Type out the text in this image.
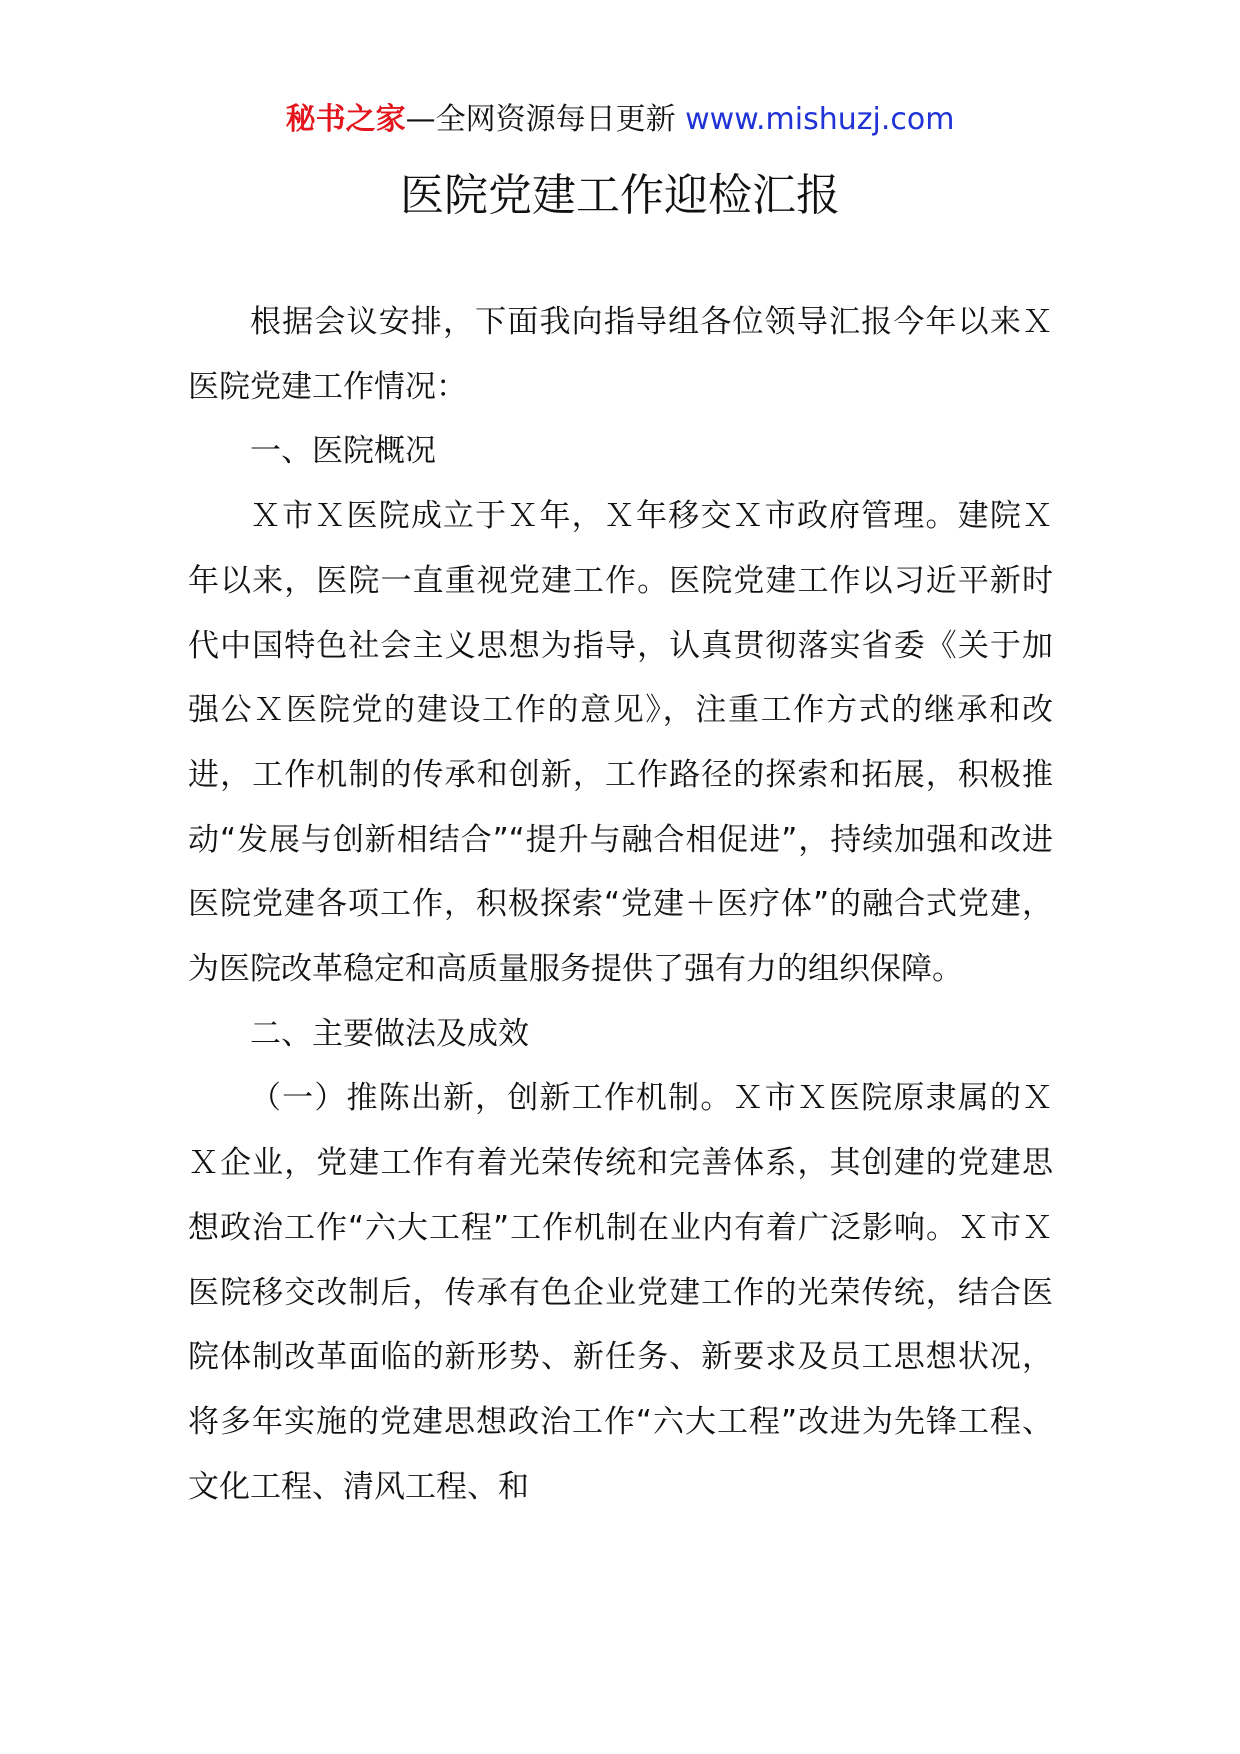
秘书之家—全网资源每日更新 www.mishuzj.com
医院党建工作迎检汇报

根据会议安排，下面我向指导组各位领导汇报今年以来Ｘ医院党建工作情况：

一、医院概况

Ｘ市Ｘ医院成立于Ｘ年，Ｘ年移交Ｘ市政府管理。建院Ｘ年以来，医院一直重视党建工作。医院党建工作以习近平新时代中国特色社会主义思想为指导，认真贯彻落实省委《关于加强公Ｘ医院党的建设工作的意见》，注重工作方式的继承和改进，工作机制的传承和创新，工作路径的探索和拓展，积极推动“发展与创新相结合”“提升与融合相促进”，持续加强和改进医院党建各项工作，积极探索“党建＋医疗体”的融合式党建，为医院改革稳定和高质量服务提供了强有力的组织保障。

二、主要做法及成效

（一）推陈出新，创新工作机制。Ｘ市Ｘ医院原隶属的ＸＸ企业，党建工作有着光荣传统和完善体系，其创建的党建思想政治工作“六大工程”工作机制在业内有着广泛影响。Ｘ市Ｘ医院移交改制后，传承有色企业党建工作的光荣传统，结合医院体制改革面临的新形势、新任务、新要求及员工思想状况，将多年实施的党建思想政治工作“六大工程”改进为先锋工程、文化工程、清风工程、和
